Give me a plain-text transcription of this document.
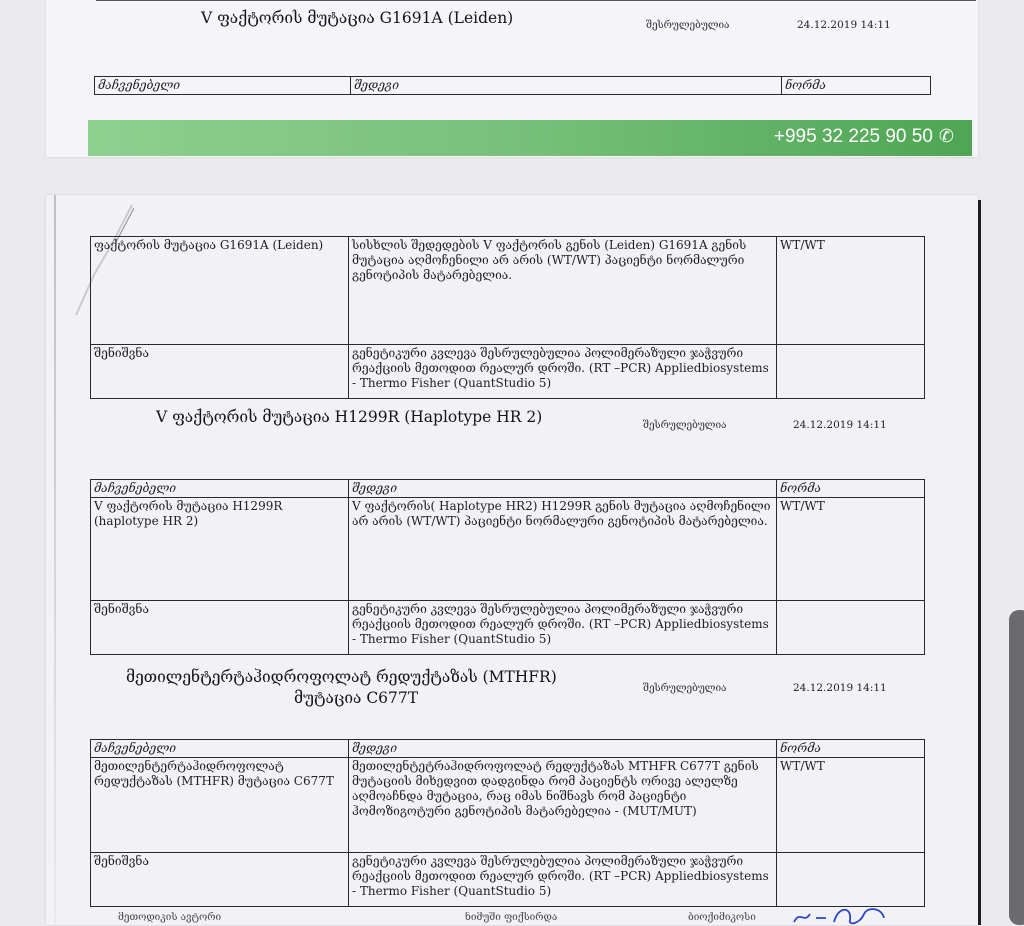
V ფაქტორის მუტაცია G1691A (Leiden)	შესრულებულია	24.12.2019 14:11
მაჩვენებელი	შედეგი	ნორმა
+995 32 225 90 50 ✆
ფაქტორის მუტაცია G1691A (Leiden)	სისხლის შედედების V ფაქტორის გენის (Leiden) G1691A გენის მუტაცია აღმოჩენილი არ არის (WT/WT) პაციენტი ნორმალური გენოტიპის მატარებელია.	WT/WT
შენიშვნა	გენეტიკური კვლევა შესრულებულია პოლიმერაზული ჯაჭვური რეაქციის მეთოდით რეალურ დროში. (RT –PCR) Appliedbiosystems - Thermo Fisher (QuantStudio 5)	
V ფაქტორის მუტაცია H1299R (Haplotype HR 2)	შესრულებულია	24.12.2019 14:11
მაჩვენებელი	შედეგი	ნორმა
V ფაქტორის მუტაცია H1299R (haplotype HR 2)	V ფაქტორის( Haplotype HR2) H1299R გენის მუტაცია აღმოჩენილი არ არის (WT/WT) პაციენტი ნორმალური გენოტიპის მატარებელია.	WT/WT
შენიშვნა	გენეტიკური კვლევა შესრულებულია პოლიმერაზული ჯაჭვური რეაქციის მეთოდით რეალურ დროში. (RT –PCR) Appliedbiosystems - Thermo Fisher (QuantStudio 5)	
მეთილენტერტაჰიდროფოლატ რედუქტაზას (MTHFR)
მუტაცია C677T
შესრულებულია	24.12.2019 14:11
მაჩვენებელი	შედეგი	ნორმა
მეთილენტერტაჰიდროფოლატ რედუქტაზას (MTHFR) მუტაცია C677T	მეთილენტეტრაჰიდროფოლატ რედუქტაზას MTHFR C677T გენის მუტაციის მიხედვით დადგინდა რომ პაციენტს ორივე ალელზე აღმოაჩნდა მუტაცია, რაც იმას ნიშნავს რომ პაციენტი ჰომოზიგოტური გენოტიპის მატარებელია - (MUT/MUT)	WT/WT
შენიშვნა	გენეტიკური კვლევა შესრულებულია პოლიმერაზული ჯაჭვური რეაქციის მეთოდით რეალურ დროში. (RT –PCR) Appliedbiosystems - Thermo Fisher (QuantStudio 5)	
მეთოდიკის ავტორი	ნიმუში ფიქსირდა	ბიოქიმიკოსი
